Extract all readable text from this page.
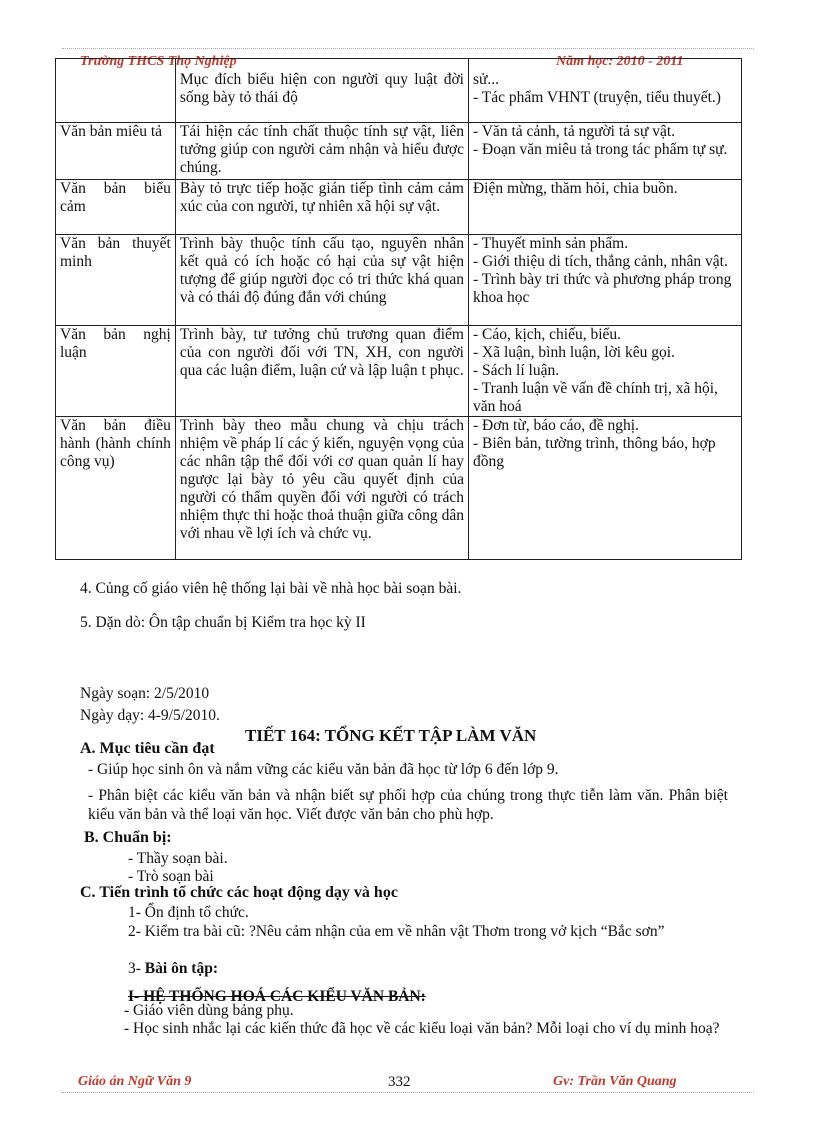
Trường THCS Thọ Nghiệp	Năm học: 2010 - 2011

	Mục đích biểu hiện con người quy luật đời sống bày tỏ thái độ	sử...
- Tác phẩm VHNT (truyện, tiểu thuyết.)

Văn bản miêu tả	Tái hiện các tính chất thuộc tính sự vật, liên tưởng giúp con người cảm nhận và hiểu được chúng.	- Văn tả cảnh, tả người tả sự vật.
- Đoạn văn miêu tả trong tác phẩm tự sự.

Văn bản biểu cảm	Bày tỏ trực tiếp hoặc gián tiếp tình cảm cảm xúc của con người, tự nhiên xã hội sự vật.	Điện mừng, thăm hỏi, chia buồn.

Văn bản thuyết minh	Trình bày thuộc tính cấu tạo, nguyên nhân kết quả có ích hoặc có hại của sự vật hiện tượng để giúp người đọc có tri thức khá quan và có thái độ đúng đắn với chúng	- Thuyết minh sản phẩm.
- Giới thiệu di tích, thắng cảnh, nhân vật.
- Trình bày tri thức và phương pháp trong khoa học

Văn bản nghị luận	Trình bày, tư tưởng chủ trương quan điểm của con người đối với TN, XH, con người qua các luận điểm, luận cứ và lập luận t phục.	- Cáo, kịch, chiếu, biểu.
- Xã luận, bình luận, lời kêu gọi.
- Sách lí luận.
- Tranh luận về vấn đề chính trị, xã hội, văn hoá

Văn bản điều hành (hành chính công vụ)	Trình bày theo mẫu chung và chịu trách nhiệm về pháp lí các ý kiến, nguyện vọng của các nhân tập thể đối với cơ quan quản lí hay ngược lại bày tỏ yêu cầu quyết định của người có thẩm quyền đối với người có trách nhiệm thực thi hoặc thoả thuận giữa công dân với nhau về lợi ích và chức vụ.	- Đơn từ, báo cáo, đề nghị.
- Biên bản, tường trình, thông báo, hợp đồng
4. Củng cố giáo viên hệ thống lại bài về nhà học bài soạn bài.
5. Dặn dò: Ôn tập chuẩn bị Kiểm tra học kỳ II
Ngày soạn: 2/5/2010
Ngày dạy: 4-9/5/2010.
TIẾT 164: TỔNG KẾT TẬP LÀM VĂN
A. Mục tiêu cần đạt
- Giúp học sinh ôn và nắm vững các kiểu văn bản đã học từ lớp 6 đến lớp 9.
- Phân biệt các kiểu văn bản và nhận biết sự phối hợp của chúng trong thực tiễn làm văn. Phân biệt kiểu văn bản và thể loại văn học. Viết được văn bản cho phù hợp.
B. Chuẩn bị:
- Thầy soạn bài.
- Trò soạn bài
C. Tiến trình tổ chức các hoạt động dạy và học
1- Ổn định tổ chức.
2- Kiểm tra bài cũ: ?Nêu cảm nhận của em về nhân vật Thơm trong vở kịch “Bắc sơn”
3- Bài ôn tập:
I- HỆ THỐNG HOÁ CÁC KIỂU VĂN BẢN:
- Giáo viên dùng bảng phụ.
- Học sinh nhắc lại các kiến thức đã học về các kiểu loại văn bản? Mỗi loại cho ví dụ minh hoạ?
Giáo án Ngữ Văn 9	332	Gv: Trần Văn Quang
